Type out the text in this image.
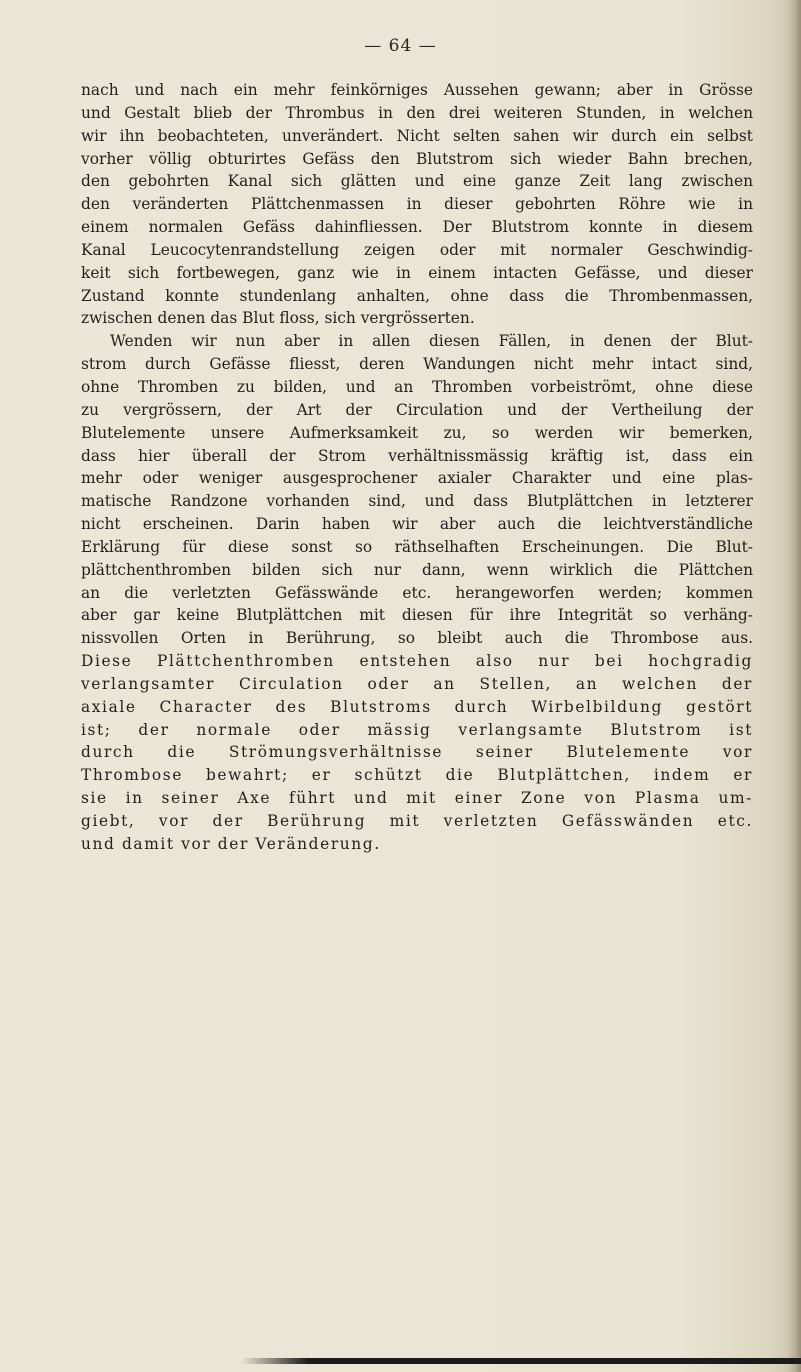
— 64 —

nach und nach ein mehr feinkörniges Aussehen gewann; aber in Grösse

und Gestalt blieb der Thrombus in den drei weiteren Stunden, in welchen

wir ihn beobachteten, unverändert. Nicht selten sahen wir durch ein selbst

vorher völlig obturirtes Gefäss den Blutstrom sich wieder Bahn brechen,

den gebohrten Kanal sich glätten und eine ganze Zeit lang zwischen

den veränderten Plättchenmassen in dieser gebohrten Röhre wie in

einem normalen Gefäss dahinfliessen. Der Blutstrom konnte in diesem

Kanal Leucocytenrandstellung zeigen oder mit normaler Geschwindig-

keit sich fortbewegen, ganz wie in einem intacten Gefässe, und dieser

Zustand konnte stundenlang anhalten, ohne dass die Thrombenmassen,

zwischen denen das Blut floss, sich vergrösserten.

Wenden wir nun aber in allen diesen Fällen, in denen der Blut-

strom durch Gefässe fliesst, deren Wandungen nicht mehr intact sind,

ohne Thromben zu bilden, und an Thromben vorbeiströmt, ohne diese

zu vergrössern, der Art der Circulation und der Vertheilung der

Blutelemente unsere Aufmerksamkeit zu, so werden wir bemerken,

dass hier überall der Strom verhältnissmässig kräftig ist, dass ein

mehr oder weniger ausgesprochener axialer Charakter und eine plas-

matische Randzone vorhanden sind, und dass Blutplättchen in letzterer

nicht erscheinen. Darin haben wir aber auch die leichtverständliche

Erklärung für diese sonst so räthselhaften Erscheinungen. Die Blut-

plättchenthromben bilden sich nur dann, wenn wirklich die Plättchen

an die verletzten Gefässwände etc. herangeworfen werden; kommen

aber gar keine Blutplättchen mit diesen für ihre Integrität so verhäng-

nissvollen Orten in Berührung, so bleibt auch die Thrombose aus.

Diese Plättchenthromben entstehen also nur bei hochgradig

verlangsamter Circulation oder an Stellen, an welchen der

axiale Character des Blutstroms durch Wirbelbildung gestört

ist; der normale oder mässig verlangsamte Blutstrom ist

durch die Strömungsverhältnisse seiner Blutelemente vor

Thrombose bewahrt; er schützt die Blutplättchen, indem er

sie in seiner Axe führt und mit einer Zone von Plasma um-

giebt, vor der Berührung mit verletzten Gefässwänden etc.

und damit vor der Veränderung.
